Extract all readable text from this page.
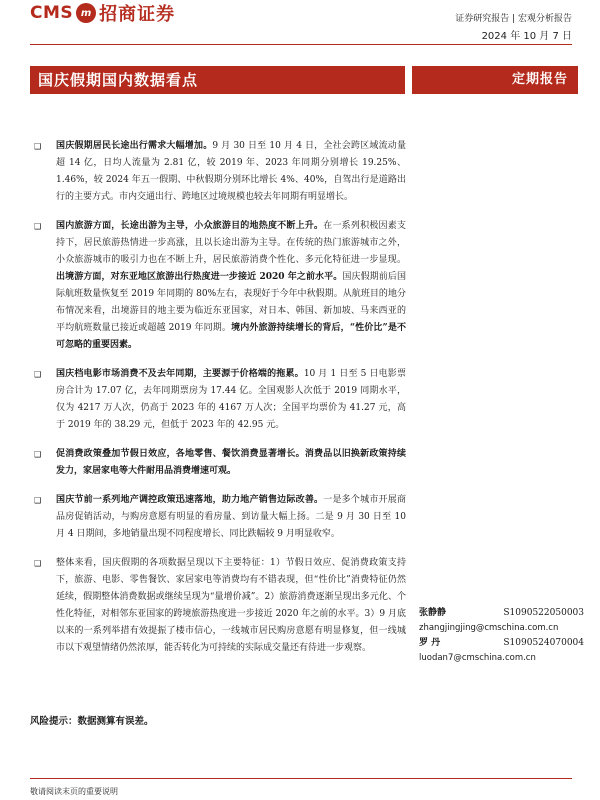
CMS m 招商证券	证券研究报告 | 宏观分析报告
2024 年 10 月 7 日
国庆假期国内数据看点	定期报告
❑	国庆假期居民长途出行需求大幅增加。9 月 30 日至 10 月 4 日，全社会跨区域流动量超 14 亿，日均人流量为 2.81 亿，较 2019 年、2023 年同期分别增长 19.25%、1.46%，较 2024 年五一假期、中秋假期分别环比增长 4%、40%，自驾出行是道路出行的主要方式。市内交通出行、跨地区过境规模也较去年同期有明显增长。
❑	国内旅游方面，长途出游为主导，小众旅游目的地热度不断上升。在一系列积极因素支持下，居民旅游热情进一步高涨，且以长途出游为主导。在传统的热门旅游城市之外，小众旅游城市的吸引力也在不断上升，居民旅游消费个性化、多元化特征进一步显现。出境游方面，对东亚地区旅游出行热度进一步接近 2020 年之前水平。国庆假期前后国际航班数量恢复至 2019 年同期的 80%左右，表现好于今年中秋假期。从航班目的地分布情况来看，出境游目的地主要为临近东亚国家，对日本、韩国、新加坡、马来西亚的平均航班数量已接近或超越 2019 年同期。境内外旅游持续增长的背后，“性价比”是不可忽略的重要因素。
❑	国庆档电影市场消费不及去年同期，主要源于价格端的拖累。10 月 1 日至 5 日电影票房合计为 17.07 亿，去年同期票房为 17.44 亿。全国观影人次低于 2019 同期水平，仅为 4217 万人次，仍高于 2023 年的 4167 万人次；全国平均票价为 41.27 元，高于 2019 年的 38.29 元，但低于 2023 年的 42.95 元。
❑	促消费政策叠加节假日效应，各地零售、餐饮消费显著增长。消费品以旧换新政策持续发力，家居家电等大件耐用品消费增速可观。
❑	国庆节前一系列地产调控政策迅速落地，助力地产销售边际改善。一是多个城市开展商品房促销活动，与购房意愿有明显的看房量、到访量大幅上扬。二是 9 月 30 日至 10 月 4 日期间，多地销量出现不同程度增长、同比跌幅较 9 月明显收窄。
❑	整体来看，国庆假期的各项数据呈现以下主要特征：1）节假日效应、促消费政策支持下，旅游、电影、零售餐饮、家居家电等消费均有不错表现，但“性价比”消费特征仍然延续，假期整体消费数据或继续呈现为“量增价减”。2）旅游消费逐渐呈现出多元化、个性化特征，对相邻东亚国家的跨境旅游热度进一步接近 2020 年之前的水平。3）9 月底以来的一系列举措有效提振了楼市信心，一线城市居民购房意愿有明显修复，但一线城市以下观望情绪仍然浓厚，能否转化为可持续的实际成交量还有待进一步观察。
张静静	S1090522050003
zhangjingjing@cmschina.com.cn
罗 丹	S1090524070004
luodan7@cmschina.com.cn
风险提示：数据测算有误差。
敬请阅读末页的重要说明
